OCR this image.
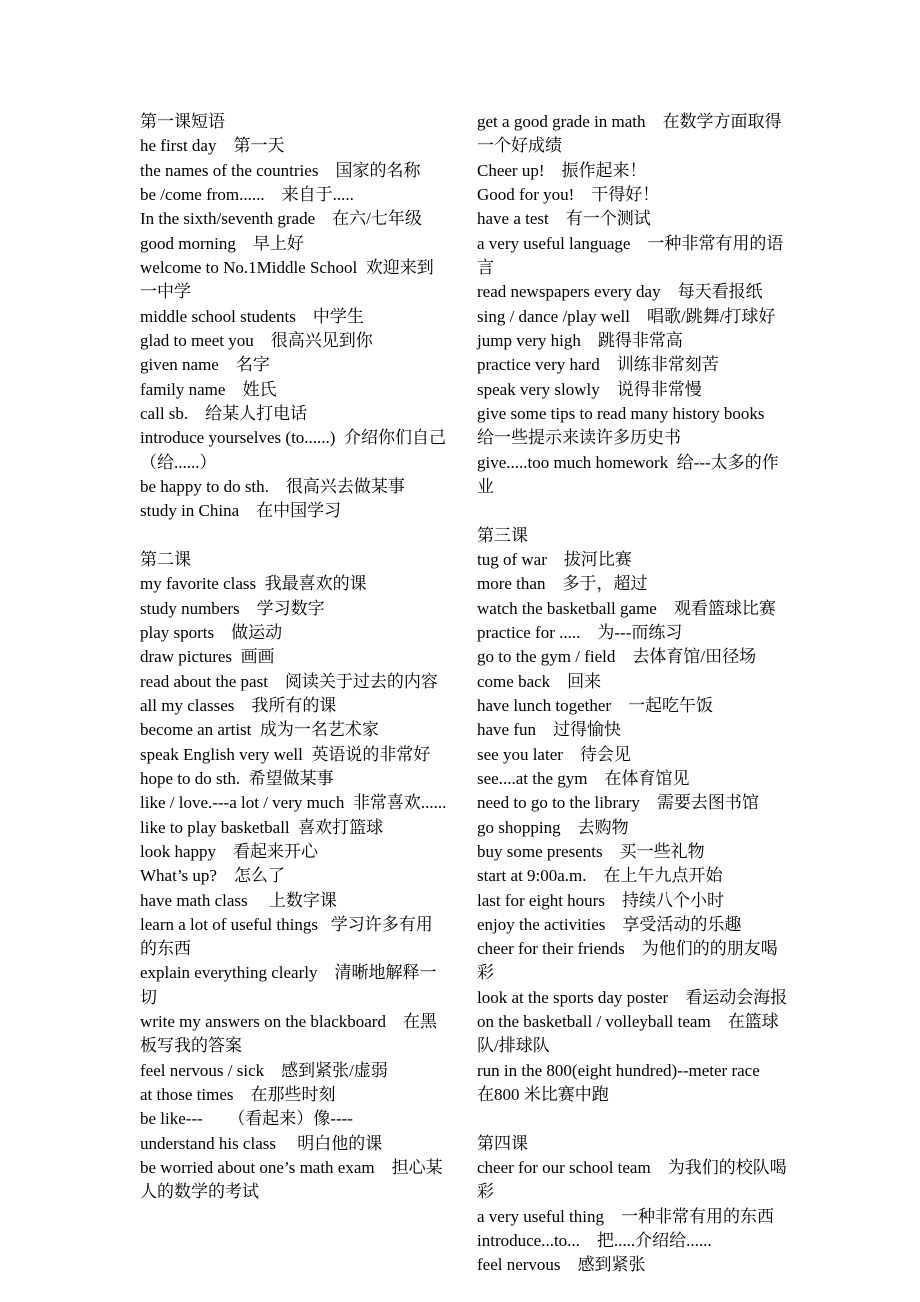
第一课短语
he first day　 第一天
the names of the countries　 国家的名称
be /come from......　 来自于.....
In the sixth/seventh grade　 在六/七年级
good morning　 早上好
welcome to No.1Middle School 欢迎来到一中学
middle school students　 中学生
glad to meet you　 很高兴见到你
given name　 名字
family name　 姓氏
call sb.　 给某人打电话
introduce yourselves (to......) 介绍你们自己（给......）
be happy to do sth.　 很高兴去做某事
study in China　 在中国学习
第二课
my favorite class 我最喜欢的课
study numbers　 学习数字
play sports　 做运动
draw pictures 画画
read about the past　 阅读关于过去的内容
all my classes　 我所有的课
become an artist 成为一名艺术家
speak English very well 英语说的非常好
hope to do sth. 希望做某事
like / love.---a lot / very much 非常喜欢......
like to play basketball 喜欢打篮球
look happy　 看起来开心
What’s up?　 怎么了
have math class　 上数字课
learn a lot of useful things 学习许多有用的东西
explain everything clearly　 清晰地解释一切
write my answers on the blackboard　 在黑板写我的答案
feel nervous / sick　 感到紧张/虚弱
at those times　 在那些时刻
be like---　　 （看起来）像----
understand his class　 明白他的课
be worried about one’s math exam　 担心某人的数学的考试
get a good grade in math　 在数学方面取得一个好成绩
Cheer up!　 振作起来！
Good for you!　 干得好！
have a test　 有一个测试
a very useful language　 一种非常有用的语言
read newspapers every day　 每天看报纸
sing / dance /play well　 唱歌/跳舞/打球好
jump very high　 跳得非常高
practice very hard　 训练非常刻苦
speak very slowly　 说得非常慢
give some tips to read many history books   给一些提示来读许多历史书
give.....too much homework 给---太多的作业
第三课
tug of war　 拔河比赛
more than　 多于，超过
watch the basketball game　 观看篮球比赛
practice for .....　 为---而练习
go to the gym / field　 去体育馆/田径场
come back　 回来
have lunch together　 一起吃午饭
have fun　 过得愉快
see you later　 待会见
see....at the gym　 在体育馆见
need to go to the library　 需要去图书馆
go shopping　 去购物
buy some presents　 买一些礼物
start at 9:00a.m.　 在上午九点开始
last for eight hours　 持续八个小时
enjoy the activities　 享受活动的乐趣
cheer for their friends　 为他们的的朋友喝彩
look at the sports day poster　 看运动会海报
on the basketball / volleyball team　 在篮球队/排球队
run in the 800(eight hundred)--meter race　在800 米比赛中跑
第四课
cheer for our school team　 为我们的校队喝彩
a very useful thing　 一种非常有用的东西
introduce...to...　 把.....介绍给......
feel nervous　 感到紧张
